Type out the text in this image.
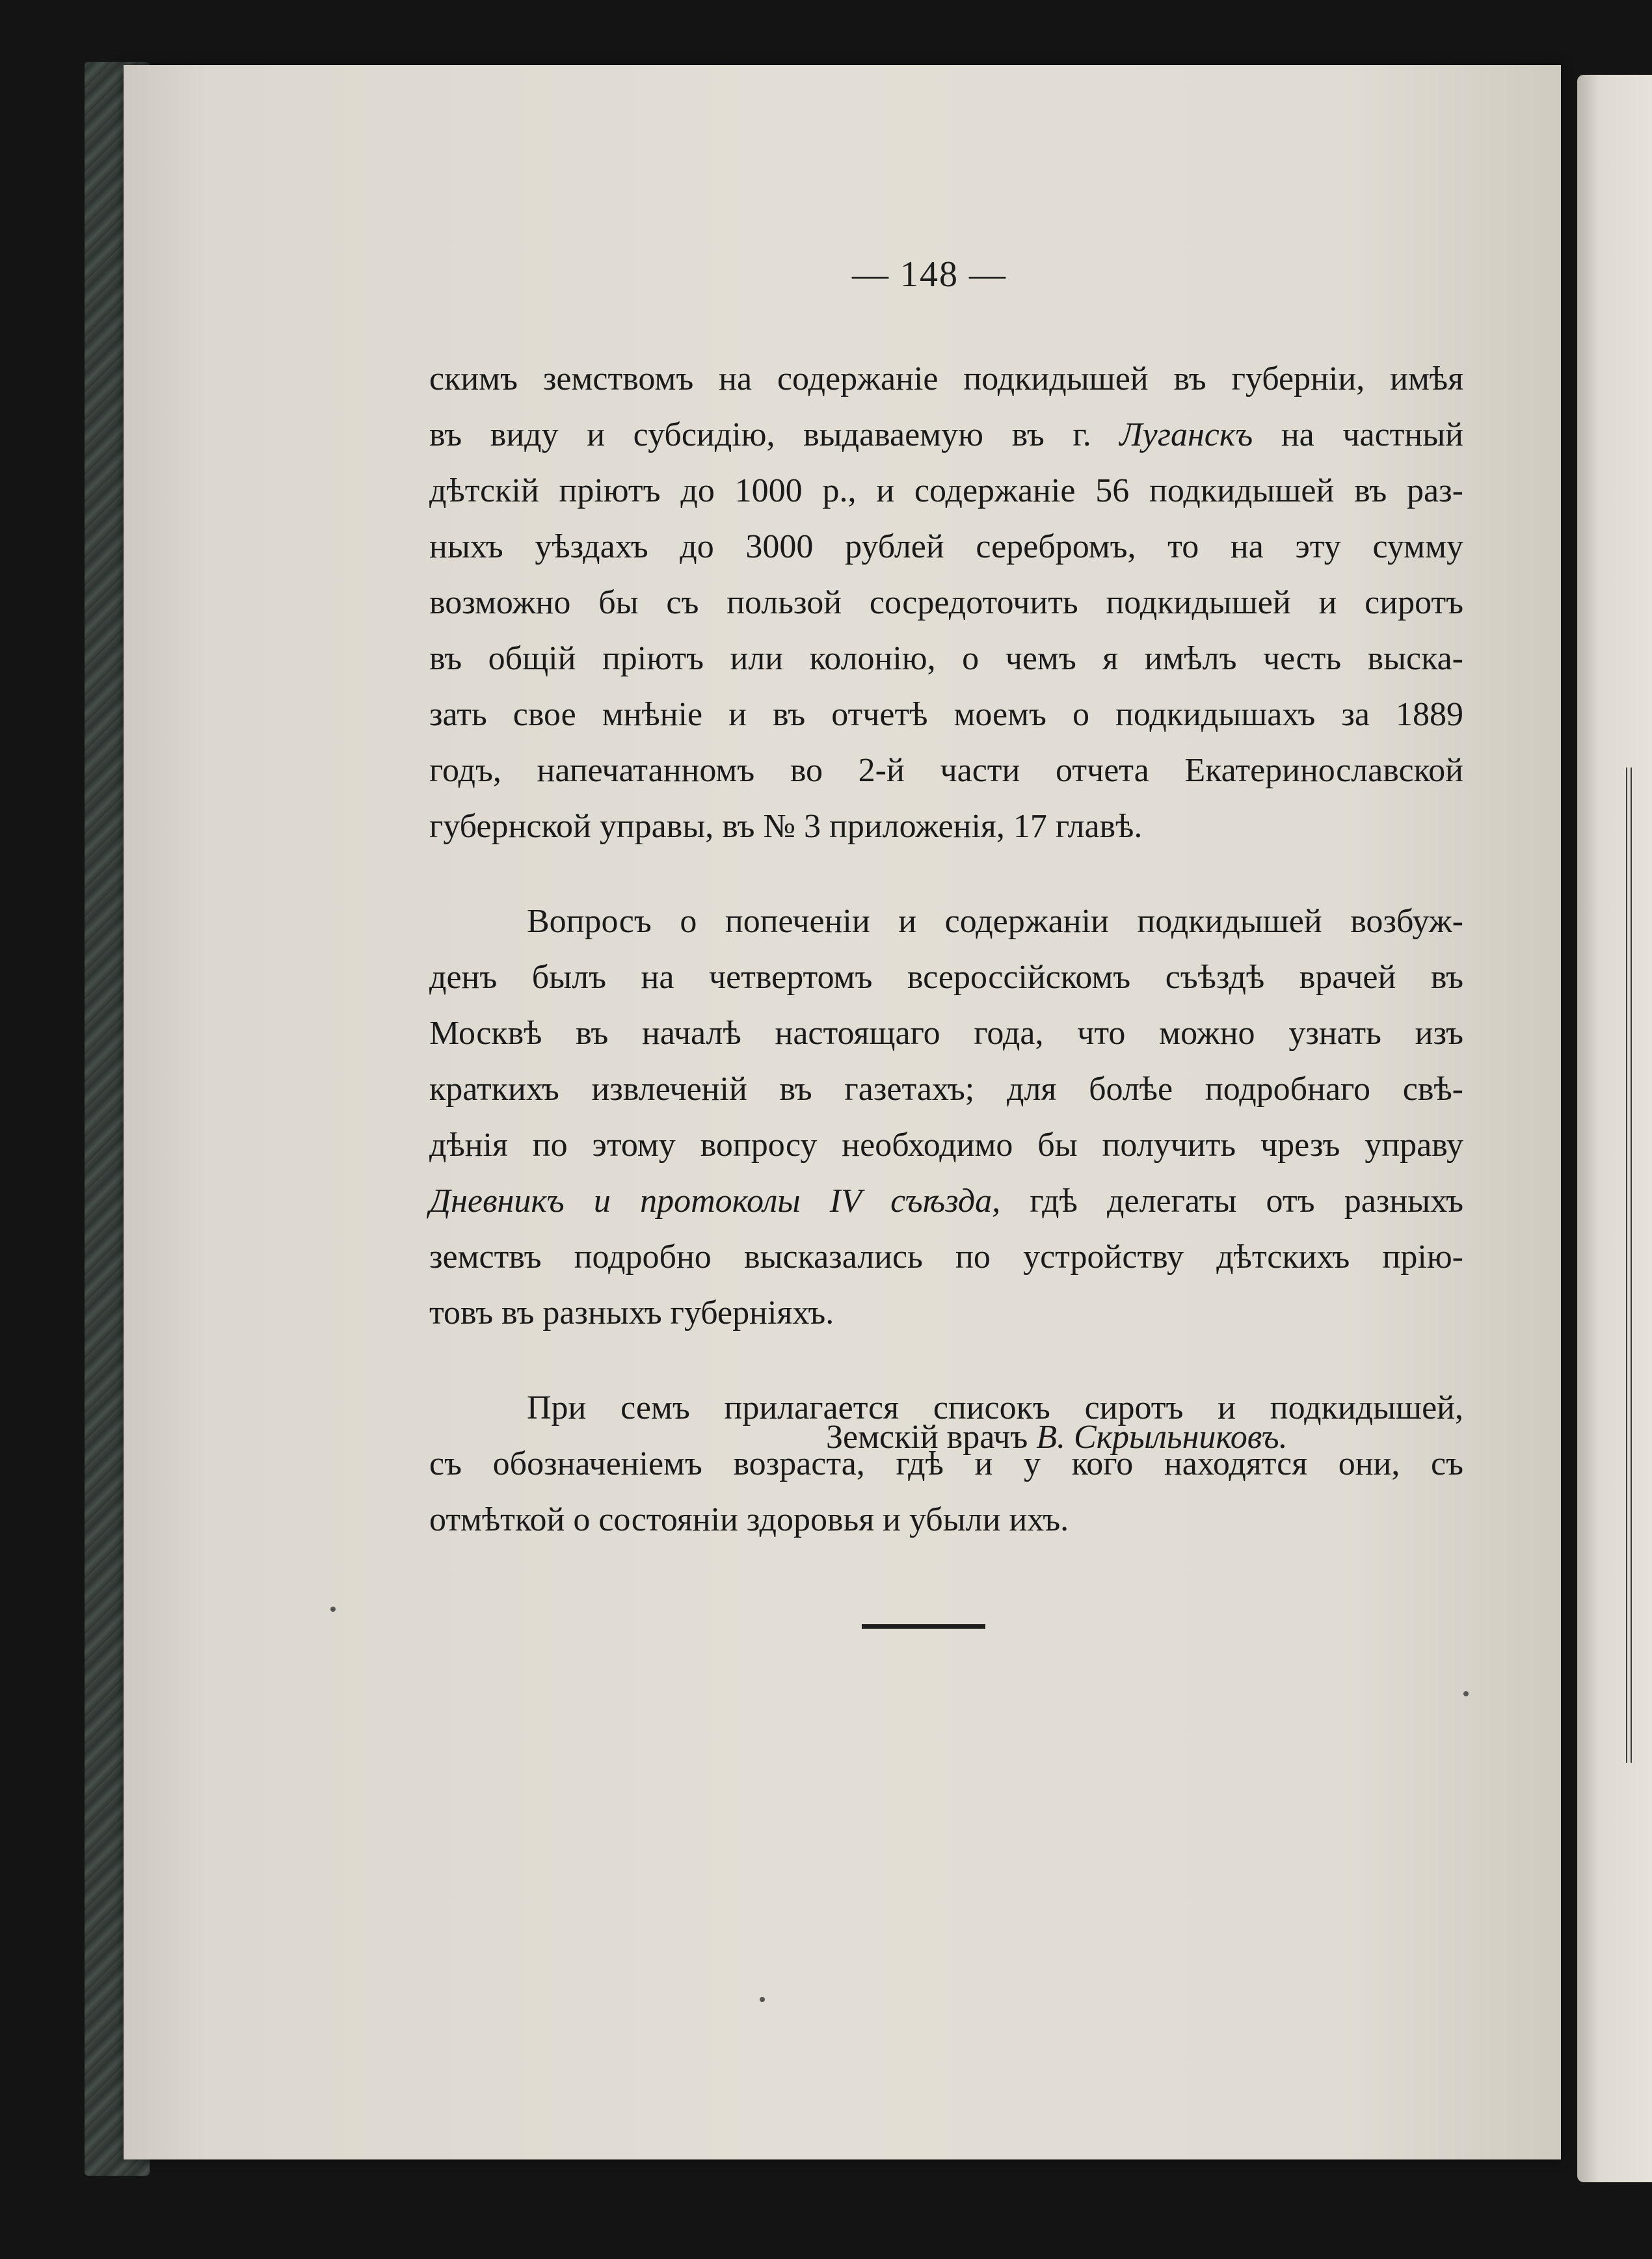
— 148 —
скимъ земствомъ на содержаніе подкидышей въ губерніи, имѣя
въ виду и субсидію, выдаваемую въ г. Луганскъ на частный
дѣтскій пріютъ до 1000 р., и содержаніе 56 подкидышей въ раз-
ныхъ уѣздахъ до 3000 рублей серебромъ, то на эту сумму
возможно бы съ пользой сосредоточить подкидышей и сиротъ
въ общій пріютъ или колонію, о чемъ я имѣлъ честь выска-
зать свое мнѣніе и въ отчетѣ моемъ о подкидышахъ за 1889
годъ, напечатанномъ во 2-й части отчета Екатеринославской
губернской управы, въ № 3 приложенія, 17 главѣ.
Вопросъ о попеченіи и содержаніи подкидышей возбуж-
денъ былъ на четвертомъ всероссійскомъ съѣздѣ врачей въ
Москвѣ въ началѣ настоящаго года, что можно узнать изъ
краткихъ извлеченій въ газетахъ; для болѣе подробнаго свѣ-
дѣнія по этому вопросу необходимо бы получить чрезъ управу
Дневникъ и протоколы IV съѣзда, гдѣ делегаты отъ разныхъ
земствъ подробно высказались по устройству дѣтскихъ прію-
товъ въ разныхъ губерніяхъ.
При семъ прилагается списокъ сиротъ и подкидышей,
съ обозначеніемъ возраста, гдѣ и у кого находятся они, съ
отмѣткой о состояніи здоровья и убыли ихъ.
Земскій врачъ В. Скрыльниковъ.
